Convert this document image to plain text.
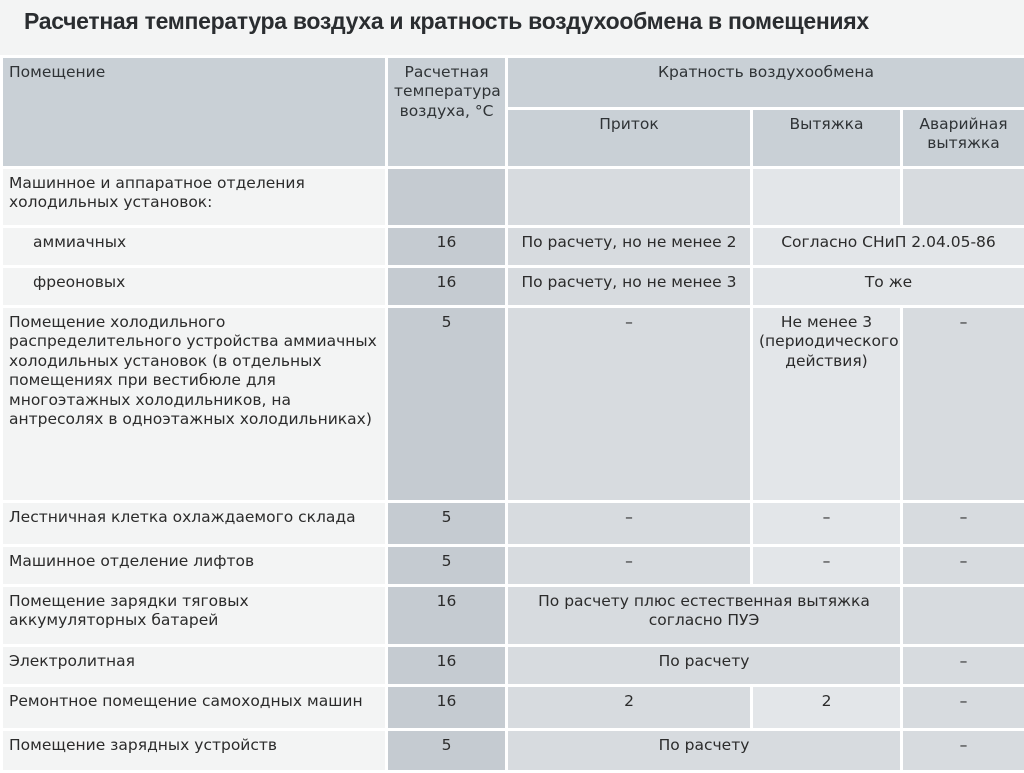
Расчетная температура воздуха и кратность воздухообмена в помещениях
Помещение	Расчетная температура воздуха, °С	Кратность воздухообмена		
		Приток	Вытяжка	Аварийная вытяжка
Машинное и аппаратное отделения холодильных установок:				
аммиачных	16	По расчету, но не менее 2	Согласно СНиП 2.04.05-86	
фреоновых	16	По расчету, но не менее 3	То же	
Помещение холодильного распределительного устройства аммиачных холодильных установок (в отдельных помещениях при вестибюле для многоэтажных холодильников, на антресолях в одноэтажных холодильниках)	5	–	Не менее 3 (периодического действия)	–
Лестничная клетка охлаждаемого склада	5	–	–	–
Машинное отделение лифтов	5	–	–	–
Помещение зарядки тяговых аккумуляторных батарей	16	По расчету плюс естественная вытяжка согласно ПУЭ		
Электролитная	16	По расчету		–
Ремонтное помещение самоходных машин	16	2	2	–
Помещение зарядных устройств	5	По расчету		–
